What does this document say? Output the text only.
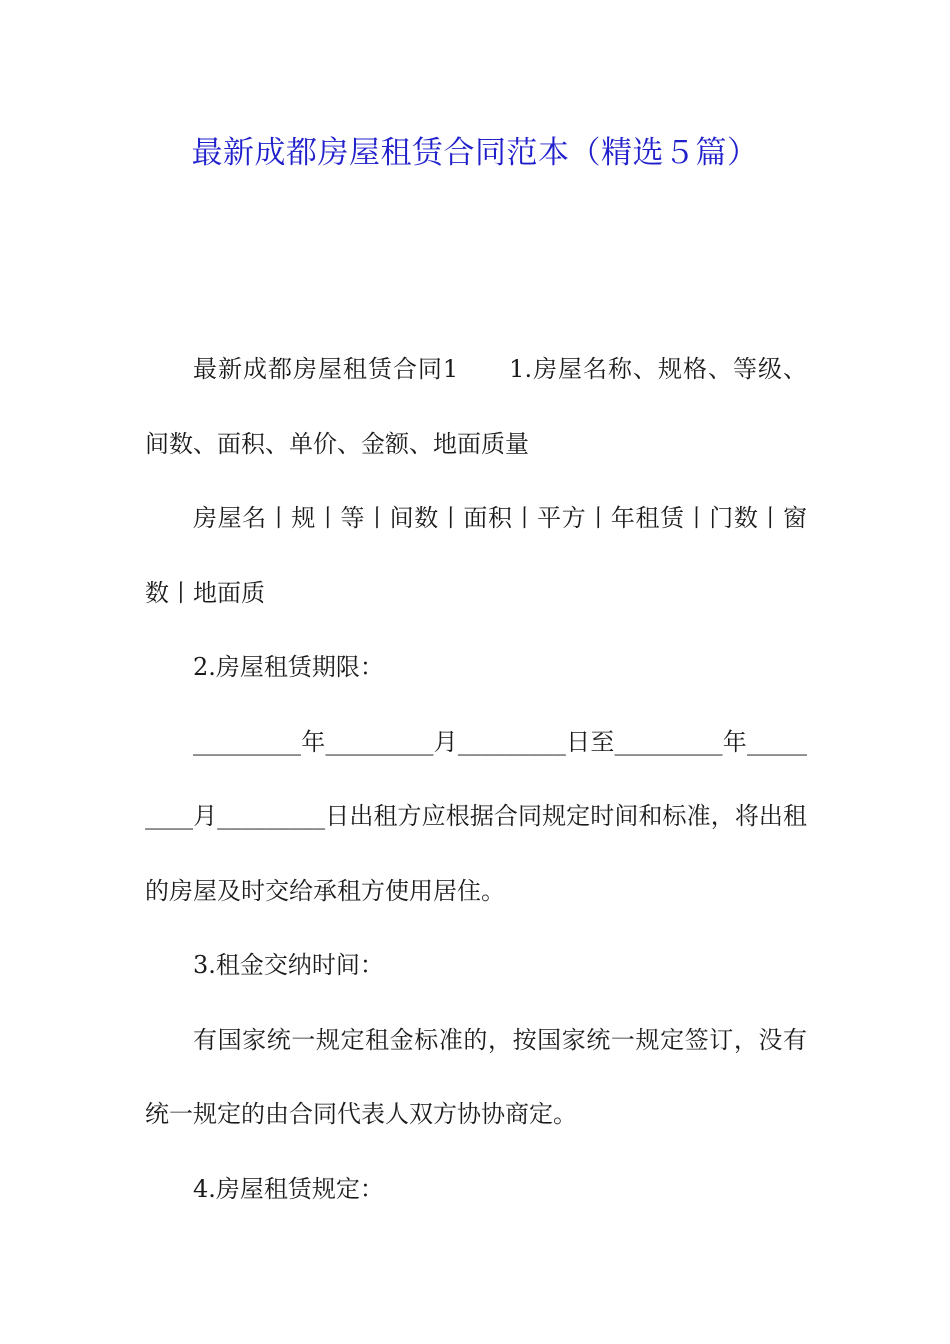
最新成都房屋租赁合同范本（精选５篇）

最新成都房屋租赁合同1　　1.房屋名称、规格、等级、间数、面积、单价、金额、地面质量

房屋名丨规丨等丨间数丨面积丨平方丨年租赁丨门数丨窗数丨地面质

2.房屋租赁期限：

_________年_________月_________日至_________年_________月_________日出租方应根据合同规定时间和标准，将出租的房屋及时交给承租方使用居住。

3.租金交纳时间：

有国家统一规定租金标准的，按国家统一规定签订，没有统一规定的由合同代表人双方协协商定。

4.房屋租赁规定：
